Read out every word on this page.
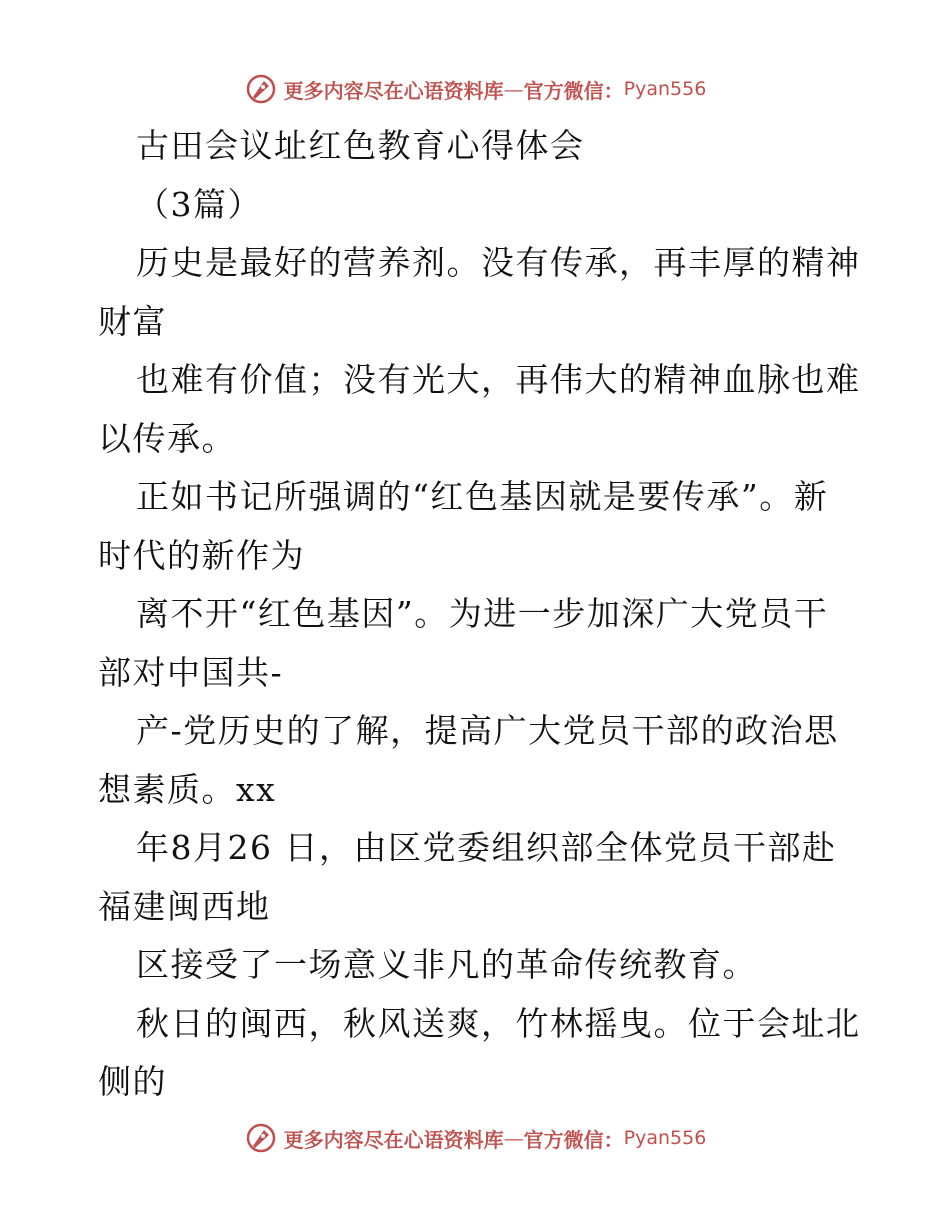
更多内容尽在心语资料库 — 官方微信： Pyan556
古田会议址红色教育心得体会
（3篇）
历史是最好的营养剂。没有传承，再丰厚的精神
财富
也难有价值；没有光大，再伟大的精神血脉也难
以传承。
正如书记所强调的“红色基因就是要传承”。新
时代的新作为
离不开“红色基因”。为进一步加深广大党员干
部对中国共-
产-党历史的了解，提高广大党员干部的政治思
想素质。xx
年8月26 日，由区党委组织部全体党员干部赴
福建闽西地
区接受了一场意义非凡的革命传统教育。
秋日的闽西，秋风送爽，竹林摇曳。位于会址北
侧的
更多内容尽在心语资料库 — 官方微信： Pyan556
